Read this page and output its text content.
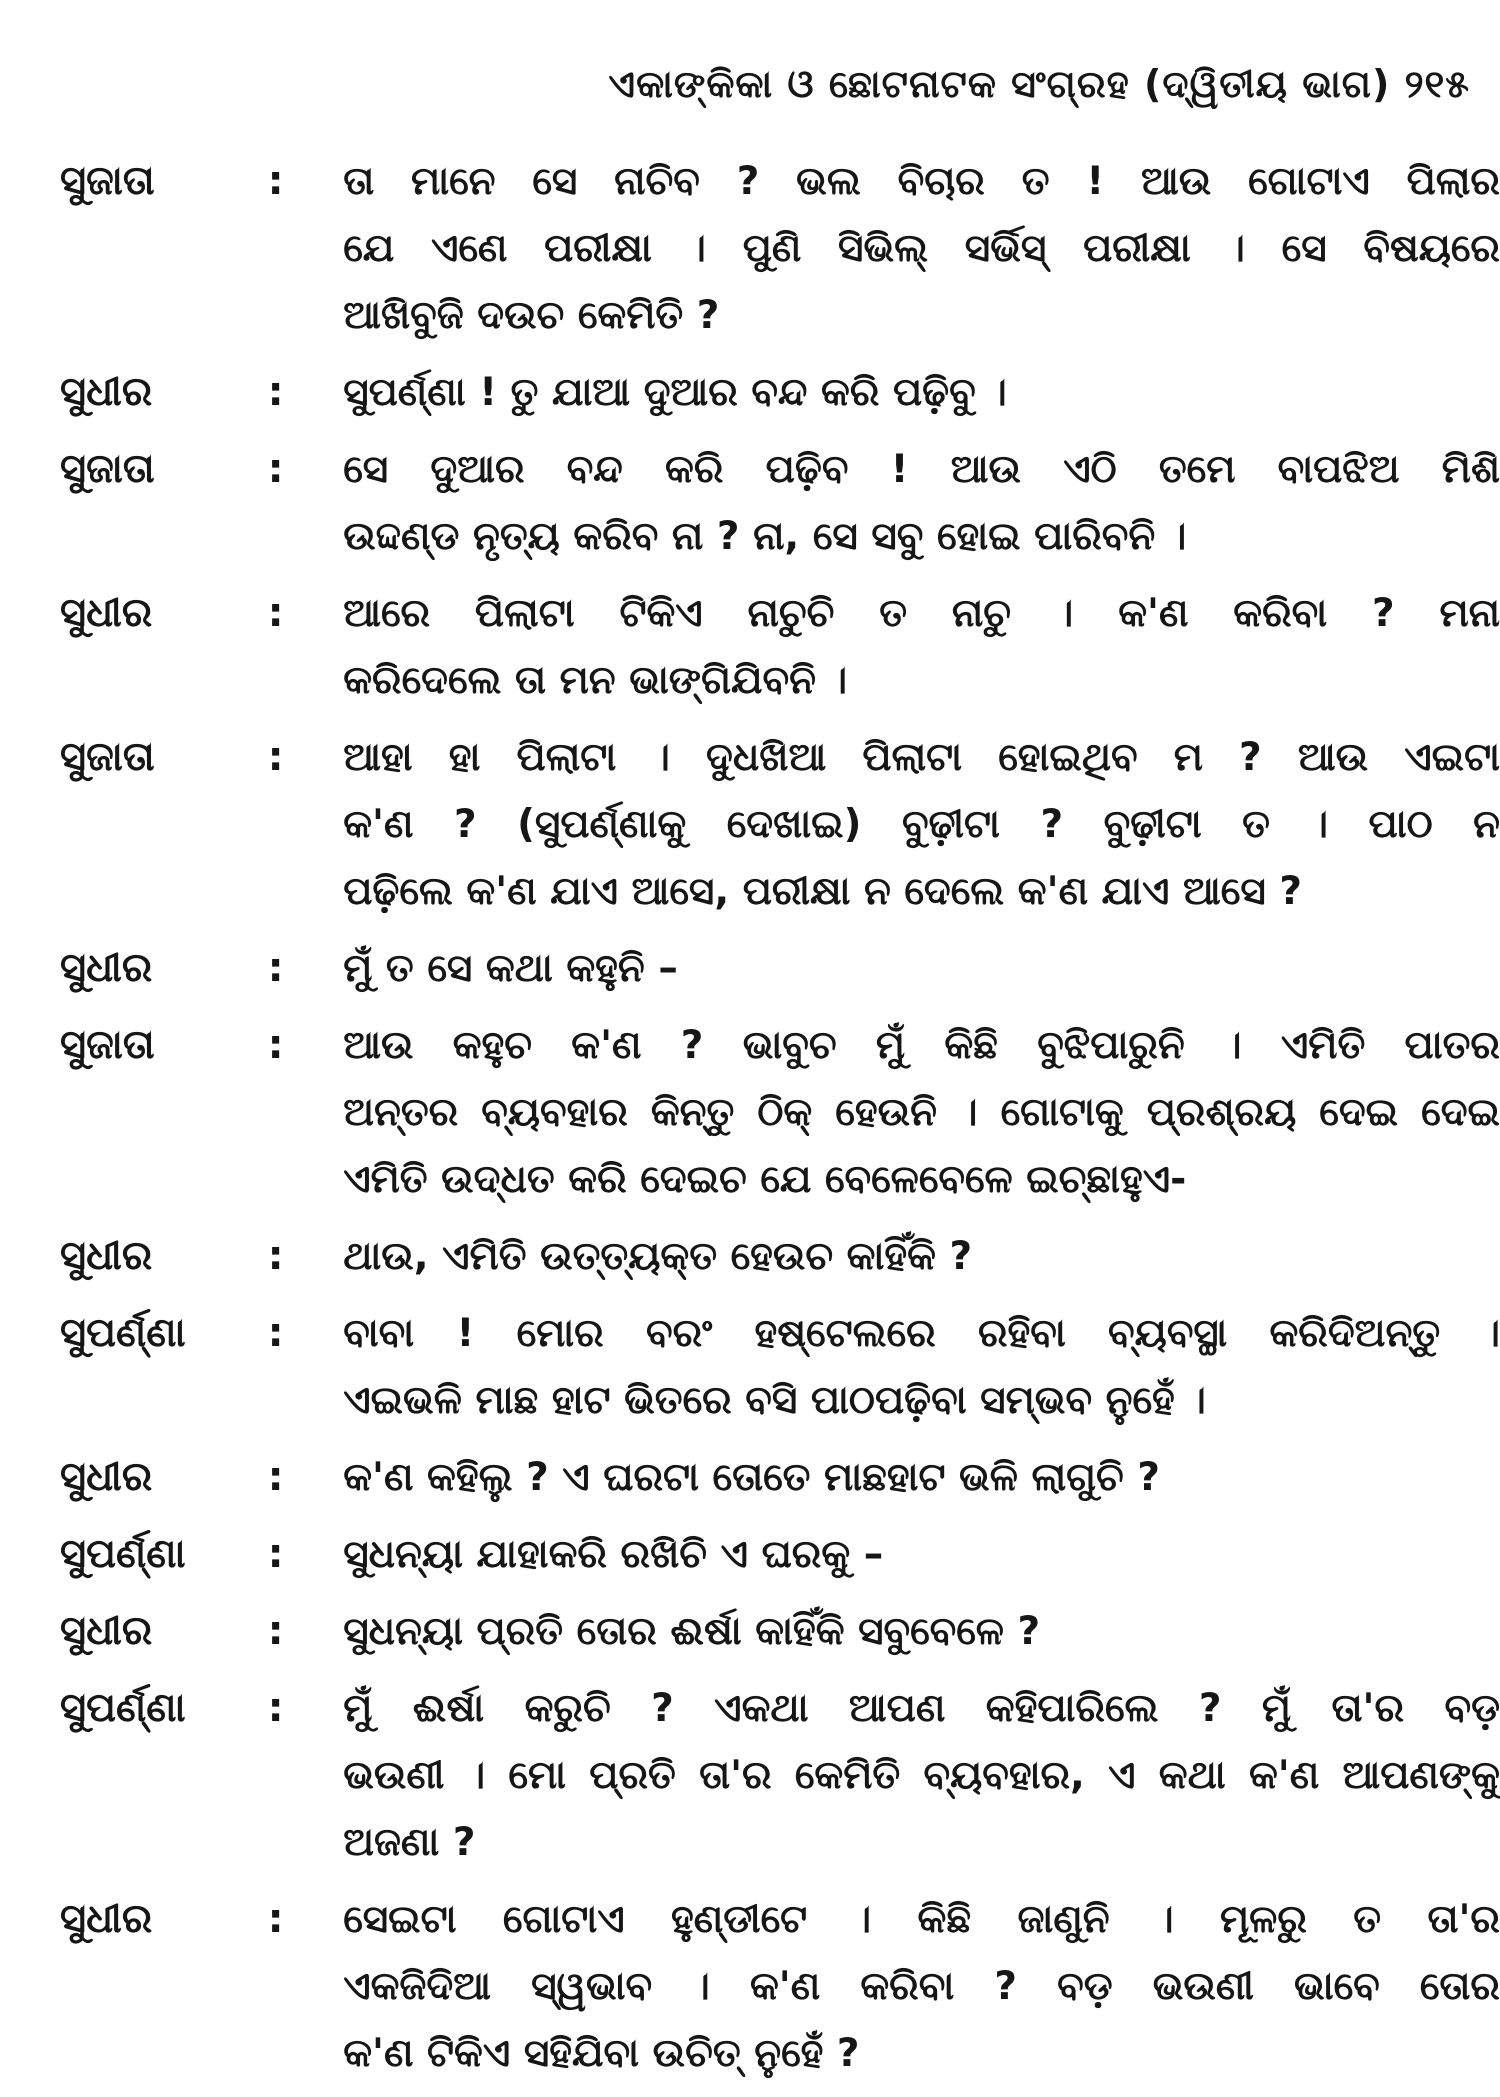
ଏକାଙ୍କିକା ଓ ଛୋଟନାଟକ ସଂଗ୍ରହ (ଦ୍ୱିତୀୟ ଭାଗ) ୨୧୫
ସୁଜାତା	:	ତା ମାନେ ସେ ନାଚିବ ? ଭଲ ବିଚାର ତ ! ଆଉ ଗୋଟାଏ ପିଲାର
ଯେ ଏଣେ ପରୀକ୍ଷା । ପୁଣି ସିଭିଲ୍ ସର୍ଭିସ୍ ପରୀକ୍ଷା । ସେ ବିଷୟରେ
ଆଖିବୁଜି ଦଉଚ କେମିତି ?
ସୁଧୀର	:	ସୁପର୍ଣ୍ଣା ! ତୁ ଯାଆ ଦୁଆର ବନ୍ଦ କରି ପଢ଼ିବୁ ।
ସୁଜାତା	:	ସେ ଦୁଆର ବନ୍ଦ କରି ପଢ଼ିବ ! ଆଉ ଏଠି ତମେ ବାପଝିଅ ମିଶି
ଉଦ୍ଦଣ୍ଡ ନୃତ୍ୟ କରିବ ନା ? ନା, ସେ ସବୁ ହୋଇ ପାରିବନି ।
ସୁଧୀର	:	ଆରେ ପିଲାଟା ଟିକିଏ ନାଚୁଚି ତ ନାଚୁ । କ'ଣ କରିବା ? ମନା
କରିଦେଲେ ତା ମନ ଭାଙ୍ଗିଯିବନି ।
ସୁଜାତା	:	ଆହା ହା ପିଲାଟା । ଦୁଧଖିଆ ପିଲାଟା ହୋଇଥିବ ମ ? ଆଉ ଏଇଟା
କ'ଣ ? (ସୁପର୍ଣ୍ଣାକୁ ଦେଖାଇ) ବୁଢ଼ୀଟା ? ବୁଢ଼ୀଟା ତ । ପାଠ ନ
ପଢ଼ିଲେ କ'ଣ ଯାଏ ଆସେ, ପରୀକ୍ଷା ନ ଦେଲେ କ'ଣ ଯାଏ ଆସେ ?
ସୁଧୀର	:	ମୁଁ ତ ସେ କଥା କହୁନି –
ସୁଜାତା	:	ଆଉ କହୁଚ କ'ଣ ? ଭାବୁଚ ମୁଁ କିଛି ବୁଝିପାରୁନି । ଏମିତି ପାତର
ଅନ୍ତର ବ୍ୟବହାର କିନ୍ତୁ ଠିକ୍ ହେଉନି । ଗୋଟାକୁ ପ୍ରଶ୍ରୟ ଦେଇ ଦେଇ
ଏମିତି ଉଦ୍ଧତ କରି ଦେଇଚ ଯେ ବେଳେବେଳେ ଇଚ୍ଛାହୁଏ-
ସୁଧୀର	:	ଥାଉ, ଏମିତି ଉତ୍ତ୍ୟକ୍ତ ହେଉଚ କାହିଁକି ?
ସୁପର୍ଣ୍ଣା	:	ବାବା ! ମୋର ବରଂ ହଷ୍ଟେଲରେ ରହିବା ବ୍ୟବସ୍ଥା କରିଦିଅନ୍ତୁ ।
ଏଇଭଳି ମାଛ ହାଟ ଭିତରେ ବସି ପାଠପଢ଼ିବା ସମ୍ଭବ ନୁହେଁ ।
ସୁଧୀର	:	କ'ଣ କହିଲୁ ? ଏ ଘରଟା ତୋତେ ମାଛହାଟ ଭଳି ଲାଗୁଚି ?
ସୁପର୍ଣ୍ଣା	:	ସୁଧନ୍ୟା ଯାହାକରି ରଖିଚି ଏ ଘରକୁ –
ସୁଧୀର	:	ସୁଧନ୍ୟା ପ୍ରତି ତୋର ଈର୍ଷା କାହିଁକି ସବୁବେଳେ ?
ସୁପର୍ଣ୍ଣା	:	ମୁଁ ଈର୍ଷା କରୁଚି ? ଏକଥା ଆପଣ କହିପାରିଲେ ? ମୁଁ ତା'ର ବଡ଼
ଭଉଣୀ । ମୋ ପ୍ରତି ତା'ର କେମିତି ବ୍ୟବହାର, ଏ କଥା କ'ଣ ଆପଣଙ୍କୁ
ଅଜଣା ?
ସୁଧୀର	:	ସେଇଟା ଗୋଟାଏ ହୁଣ୍ଡୀଟେ । କିଛି ଜାଣୁନି । ମୂଳରୁ ତ ତା'ର
ଏକଜିଦିଆ ସ୍ୱଭାବ । କ'ଣ କରିବା ? ବଡ଼ ଭଉଣୀ ଭାବେ ତୋର
କ'ଣ ଟିକିଏ ସହିଯିବା ଉଚିତ୍ ନୁହେଁ ?
